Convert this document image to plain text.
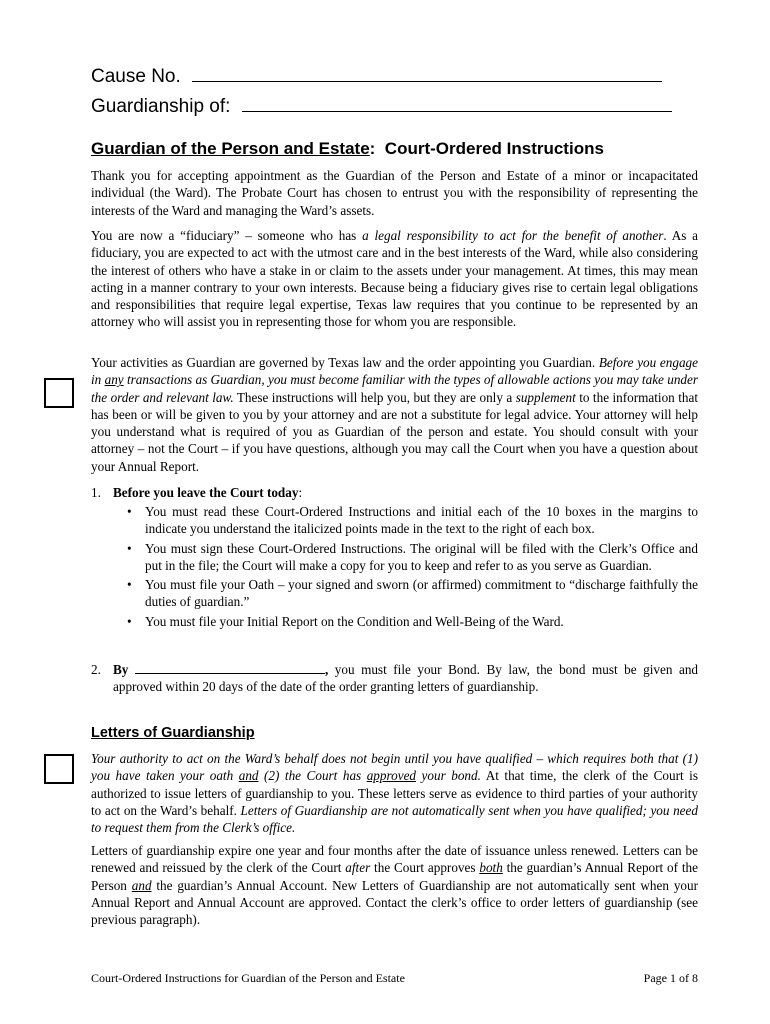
Cause No.
Guardianship of:
Guardian of the Person and Estate:  Court-Ordered Instructions

Thank you for accepting appointment as the Guardian of the Person and Estate of a minor or incapacitated individual (the Ward). The Probate Court has chosen to entrust you with the responsibility of representing the interests of the Ward and managing the Ward’s assets.

You are now a “fiduciary” – someone who has a legal responsibility to act for the benefit of another. As a fiduciary, you are expected to act with the utmost care and in the best interests of the Ward, while also considering the interest of others who have a stake in or claim to the assets under your management. At times, this may mean acting in a manner contrary to your own interests. Because being a fiduciary gives rise to certain legal obligations and responsibilities that require legal expertise, Texas law requires that you continue to be represented by an attorney who will assist you in representing those for whom you are responsible.

Your activities as Guardian are governed by Texas law and the order appointing you Guardian. Before you engage in any transactions as Guardian, you must become familiar with the types of allowable actions you may take under the order and relevant law. These instructions will help you, but they are only a supplement to the information that has been or will be given to you by your attorney and are not a substitute for legal advice. Your attorney will help you understand what is required of you as Guardian of the person and estate. You should consult with your attorney – not the Court – if you have questions, although you may call the Court when you have a question about your Annual Report.

1. Before you leave the Court today:
• You must read these Court-Ordered Instructions and initial each of the 10 boxes in the margins to indicate you understand the italicized points made in the text to the right of each box.
• You must sign these Court-Ordered Instructions. The original will be filed with the Clerk’s Office and put in the file; the Court will make a copy for you to keep and refer to as you serve as Guardian.
• You must file your Oath – your signed and sworn (or affirmed) commitment to “discharge faithfully the duties of guardian.”
• You must file your Initial Report on the Condition and Well-Being of the Ward.
2. By	, you must file your Bond. By law, the bond must be given and approved within 20 days of the date of the order granting letters of guardianship.
Letters of Guardianship

Your authority to act on the Ward’s behalf does not begin until you have qualified – which requires both that (1) you have taken your oath and (2) the Court has approved your bond. At that time, the clerk of the Court is authorized to issue letters of guardianship to you. These letters serve as evidence to third parties of your authority to act on the Ward’s behalf. Letters of Guardianship are not automatically sent when you have qualified; you need to request them from the Clerk’s office.

Letters of guardianship expire one year and four months after the date of issuance unless renewed. Letters can be renewed and reissued by the clerk of the Court after the Court approves both the guardian’s Annual Report of the Person and the guardian’s Annual Account. New Letters of Guardianship are not automatically sent when your Annual Report and Annual Account are approved. Contact the clerk’s office to order letters of guardianship (see previous paragraph).

Court-Ordered Instructions for Guardian of the Person and Estate	Page 1 of 8
